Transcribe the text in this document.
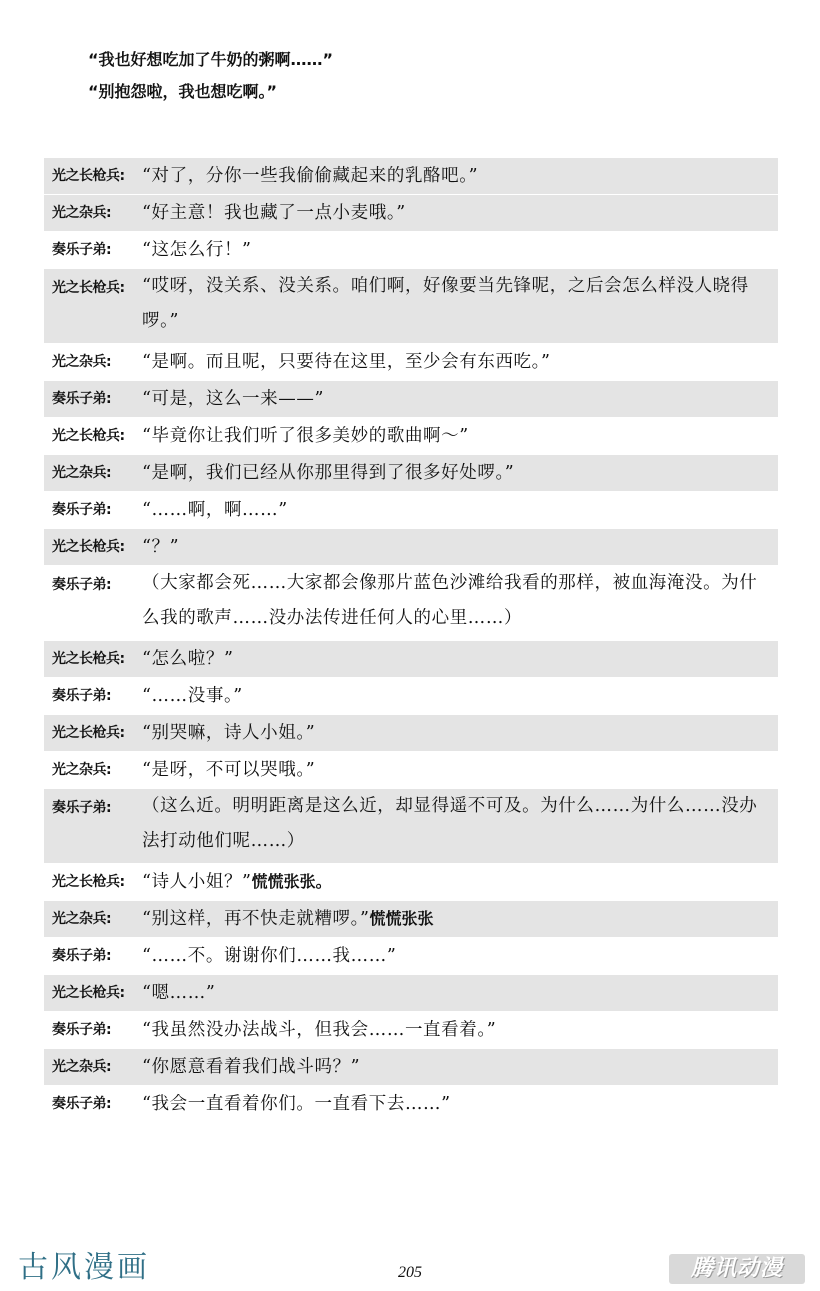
“我也好想吃加了牛奶的粥啊……”
“别抱怨啦，我也想吃啊。”
光之长枪兵: “对了，分你一些我偷偷藏起来的乳酪吧。”
光之杂兵:	“好主意！我也藏了一点小麦哦。”
奏乐子弟:	“这怎么行！”
光之长枪兵: “哎呀，没关系、没关系。咱们啊，好像要当先锋呢，之后会怎么样没人晓得啰。”
光之杂兵:	“是啊。而且呢，只要待在这里，至少会有东西吃。”
奏乐子弟:	“可是，这么一来——”
光之长枪兵: “毕竟你让我们听了很多美妙的歌曲啊～”
光之杂兵:	“是啊，我们已经从你那里得到了很多好处啰。”
奏乐子弟:	“……啊，啊……”
光之长枪兵: “？”
奏乐子弟:	（大家都会死……大家都会像那片蓝色沙滩给我看的那样，被血海淹没。为什么我的歌声……没办法传进任何人的心里……）
光之长枪兵: “怎么啦？”
奏乐子弟:	“……没事。”
光之长枪兵: “别哭嘛，诗人小姐。”
光之杂兵:	“是呀，不可以哭哦。”
奏乐子弟:	（这么近。明明距离是这么近，却显得遥不可及。为什么……为什么……没办法打动他们呢……）
光之长枪兵: “诗人小姐？”慌慌张张。
光之杂兵:	“别这样，再不快走就糟啰。”慌慌张张
奏乐子弟:	“……不。谢谢你们……我……”
光之长枪兵: “嗯……”
奏乐子弟:	“我虽然没办法战斗，但我会……一直看着。”
光之杂兵:	“你愿意看着我们战斗吗？”
奏乐子弟:	“我会一直看着你们。一直看下去……”
古风漫画	205	腾讯动漫
